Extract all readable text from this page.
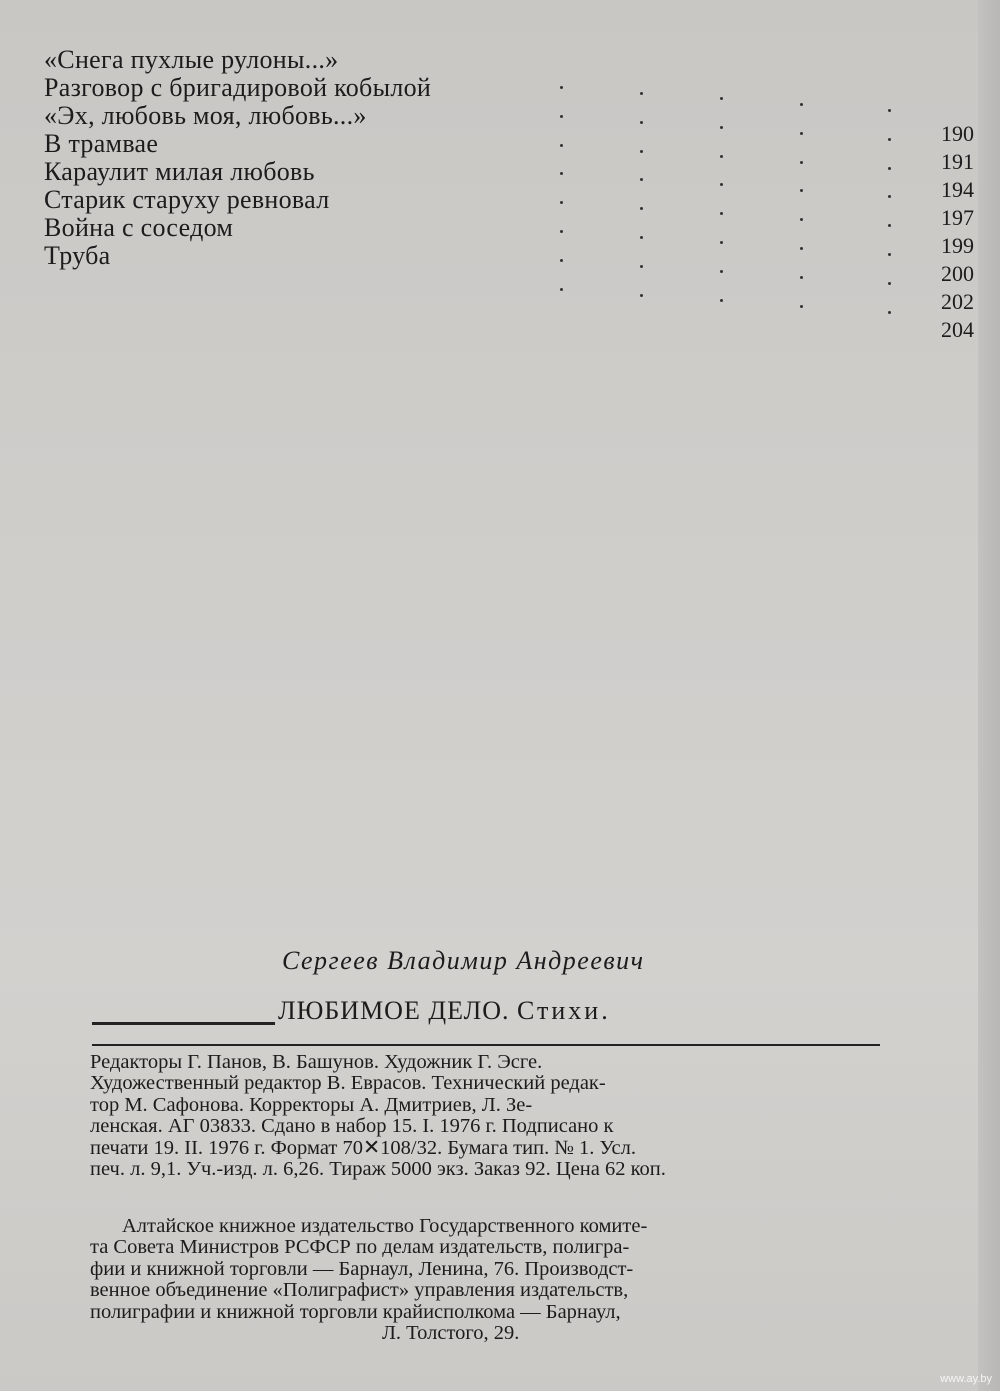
«Снега пухлые рулоны...»
Разговор с бригадировой кобылой
«Эх, любовь моя, любовь...»
В трамвае
Караулит милая любовь
Старик старуху ревновал
Война с соседом
Труба
190
191
194
197
199
200
202
204
Сергеев Владимир Андреевич
ЛЮБИМОЕ ДЕЛО. Стихи.
Редакторы Г. Панов, В. Башунов. Художник Г. Эсге.
Художественный редактор В. Еврасов. Технический редак-
тор М. Сафонова. Корректоры А. Дмитриев, Л. Зе-
ленская. АГ 03833. Сдано в набор 15. I. 1976 г. Подписано к
печати 19. II. 1976 г. Формат 70✕108/32. Бумага тип. № 1. Усл.
печ. л. 9,1. Уч.-изд. л. 6,26. Тираж 5000 экз. Заказ 92. Цена 62 коп.
Алтайское книжное издательство Государственного комите-
та Совета Министров РСФСР по делам издательств, полигра-
фии и книжной торговли — Барнаул, Ленина, 76. Производст-
венное объединение «Полиграфист» управления издательств,
полиграфии и книжной торговли крайисполкома — Барнаул,
Л. Толстого, 29.
www.ay.by
